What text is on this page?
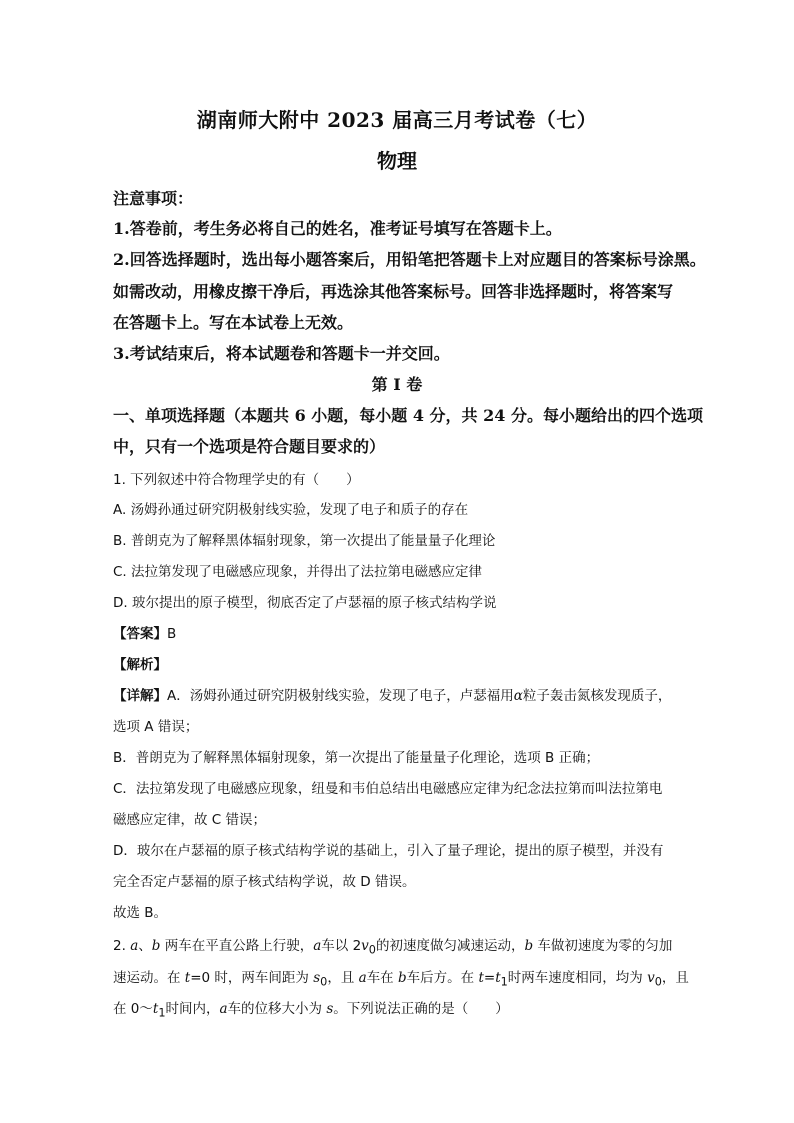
湖南师大附中 2023 届高三月考试卷（七）
物理
注意事项：
1.答卷前，考生务必将自己的姓名，准考证号填写在答题卡上。
2.回答选择题时，选出每小题答案后，用铅笔把答题卡上对应题目的答案标号涂黑。
如需改动，用橡皮擦干净后，再选涂其他答案标号。回答非选择题时，将答案写
在答题卡上。写在本试卷上无效。
3.考试结束后，将本试题卷和答题卡一并交回。
第 I 卷
一、单项选择题（本题共 6 小题，每小题 4 分，共 24 分。每小题给出的四个选项
中，只有一个选项是符合题目要求的）
1. 下列叙述中符合物理学史的有（　　）
A. 汤姆孙通过研究阴极射线实验，发现了电子和质子的存在
B. 普朗克为了解释黑体辐射现象，第一次提出了能量量子化理论
C. 法拉第发现了电磁感应现象，并得出了法拉第电磁感应定律
D. 玻尔提出的原子模型，彻底否定了卢瑟福的原子核式结构学说
【答案】B
【解析】
【详解】A．汤姆孙通过研究阴极射线实验，发现了电子，卢瑟福用α粒子轰击氮核发现质子，
选项 A 错误；
B．普朗克为了解释黑体辐射现象，第一次提出了能量量子化理论，选项 B 正确；
C．法拉第发现了电磁感应现象，纽曼和韦伯总结出电磁感应定律为纪念法拉第而叫法拉第电
磁感应定律，故 C 错误；
D．玻尔在卢瑟福的原子核式结构学说的基础上，引入了量子理论，提出的原子模型，并没有
完全否定卢瑟福的原子核式结构学说，故 D 错误。
故选 B。
2. a、b 两车在平直公路上行驶，a车以 $2v_0$的初速度做匀减速运动，b 车做初速度为零的匀加
速运动。在 t=0 时，两车间距为 $s_0$，且 a车在 b车后方。在 $t=t_1$时两车速度相同，均为 $v_0$，且
在 $0\sim t_1$时间内，a车的位移大小为 s。下列说法正确的是（　　）
